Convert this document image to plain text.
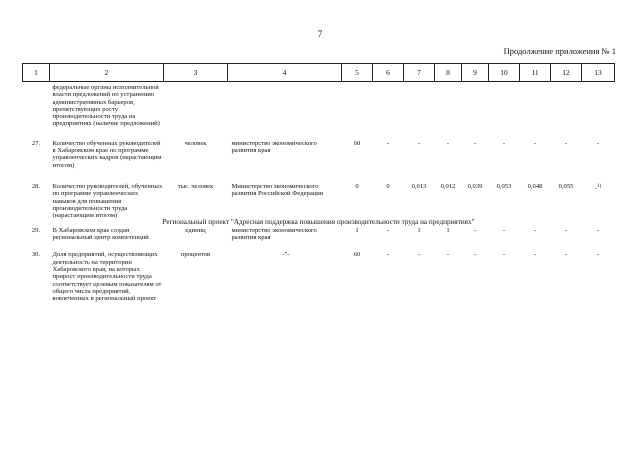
7
Продолжение приложения № 1
1	2	3	4	5	6	7	8	9	10	11	12	13
	федеральные органы исполнительной власти предложений по устранению административных барьеров, препятствующих росту производительности труда на предприятиях (наличие предложений)											

27.	Количество обученных руководителей в Хабаровском крае по программе управленческих кадров (нарастающим итогом)	человек	министерство экономического развития края	60	-	-	-	-	-	-	-	-

28.	Количество руководителей, обученных по программе управленческих навыков для повышения производительности труда (нарастающим итогом)	тыс. человек	Министерство экономического развития Российской Федерации	0	0	0,013	0,012	0,039	0,053	0,048	0,055	-$^{1)}$
Региональный проект "Адресная поддержка повышения производительности труда на предприятиях"												
29.	В Хабаровском крае создан региональный центр компетенций	единиц	министерство экономического развития края	1	-	1	1	-	-	-	-	-

30.	Доля предприятий, осуществляющих деятельность на территории Хабаровского края, на которых прирост производительности труда соответствует целевым показателям от общего числа предприятий, вовлеченных в региональный проект	процентов	-"-	60	-	-	-	-	-	-	-	-
